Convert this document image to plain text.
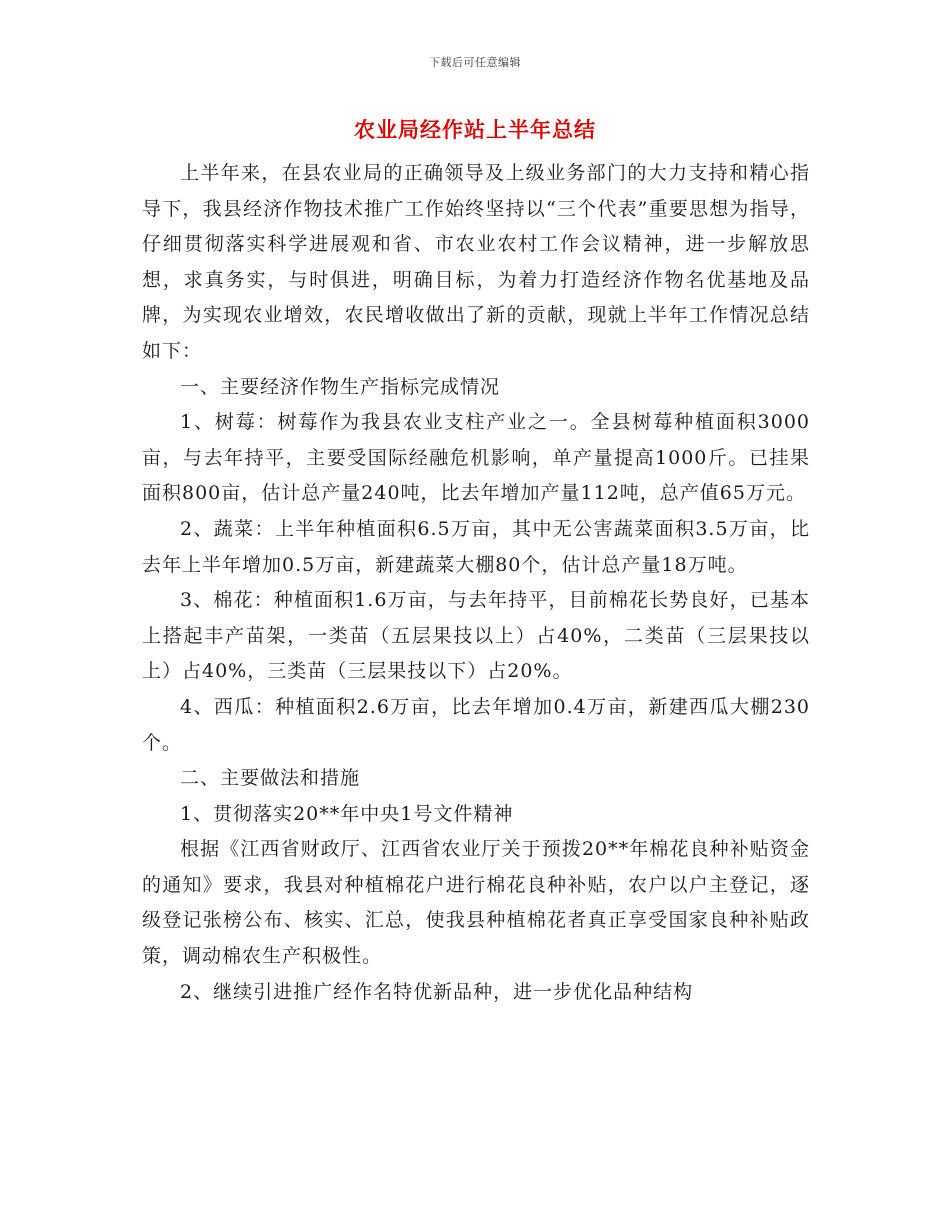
下载后可任意编辑
农业局经作站上半年总结

上半年来，在县农业局的正确领导及上级业务部门的大力支持和精心指导下，我县经济作物技术推广工作始终坚持以“三个代表”重要思想为指导，仔细贯彻落实科学进展观和省、市农业农村工作会议精神，进一步解放思想，求真务实，与时俱进，明确目标，为着力打造经济作物名优基地及品牌，为实现农业增效，农民增收做出了新的贡献，现就上半年工作情况总结如下：

一、主要经济作物生产指标完成情况

1、树莓：树莓作为我县农业支柱产业之一。全县树莓种植面积3000亩，与去年持平，主要受国际经融危机影响，单产量提高1000斤。已挂果面积800亩，估计总产量240吨，比去年增加产量112吨，总产值65万元。

2、蔬菜：上半年种植面积6.5万亩，其中无公害蔬菜面积3.5万亩，比去年上半年增加0.5万亩，新建蔬菜大棚80个，估计总产量18万吨。

3、棉花：种植面积1.6万亩，与去年持平，目前棉花长势良好，已基本上搭起丰产苗架，一类苗（五层果技以上）占40%，二类苗（三层果技以上）占40%，三类苗（三层果技以下）占20%。

4、西瓜：种植面积2.6万亩，比去年增加0.4万亩，新建西瓜大棚230个。

二、主要做法和措施

1、贯彻落实20**年中央1号文件精神

根据《江西省财政厅、江西省农业厅关于预拨20**年棉花良种补贴资金的通知》要求，我县对种植棉花户进行棉花良种补贴，农户以户主登记，逐级登记张榜公布、核实、汇总，使我县种植棉花者真正享受国家良种补贴政策，调动棉农生产积极性。

2、继续引进推广经作名特优新品种，进一步优化品种结构
